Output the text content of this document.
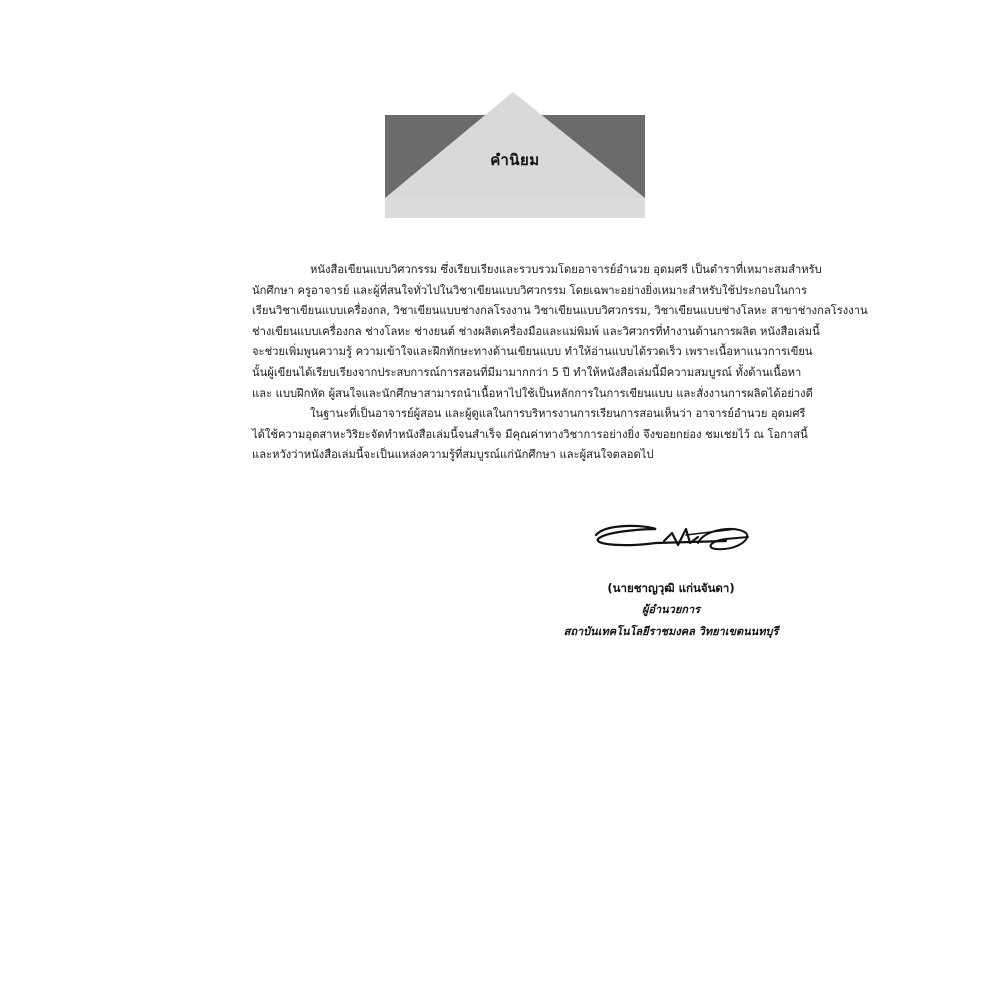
คำนิยม
หนังสือเขียนแบบวิศวกรรม ซึ่งเรียบเรียงและรวบรวมโดยอาจารย์อำนวย อุดมศรี เป็นตำราที่เหมาะสมสำหรับ
นักศึกษา ครูอาจารย์ และผู้ที่สนใจทั่วไปในวิชาเขียนแบบวิศวกรรม โดยเฉพาะอย่างยิ่งเหมาะสำหรับใช้ประกอบในการ
เรียนวิชาเขียนแบบเครื่องกล, วิชาเขียนแบบช่างกลโรงงาน วิชาเขียนแบบวิศวกรรม, วิชาเขียนแบบช่างโลหะ สาขาช่างกลโรงงาน
ช่างเขียนแบบเครื่องกล ช่างโลหะ ช่างยนต์ ช่างผลิตเครื่องมือและแม่พิมพ์ และวิศวกรที่ทำงานด้านการผลิต หนังสือเล่มนี้
จะช่วยเพิ่มพูนความรู้ ความเข้าใจและฝึกทักษะทางด้านเขียนแบบ ทำให้อ่านแบบได้รวดเร็ว เพราะเนื้อหาแนวการเขียน
นั้นผู้เขียนได้เรียบเรียงจากประสบการณ์การสอนที่มีมามากกว่า 5 ปี ทำให้หนังสือเล่มนี้มีความสมบูรณ์ ทั้งด้านเนื้อหา
และ แบบฝึกหัด ผู้สนใจและนักศึกษาสามารถนำเนื้อหาไปใช้เป็นหลักการในการเขียนแบบ และสั่งงานการผลิตได้อย่างดี
ในฐานะที่เป็นอาจารย์ผู้สอน และผู้ดูแลในการบริหารงานการเรียนการสอนเห็นว่า อาจารย์อำนวย อุดมศรี
ได้ใช้ความอุตสาหะวิริยะจัดทำหนังสือเล่มนี้จนสำเร็จ มีคุณค่าทางวิชาการอย่างยิ่ง จึงขอยกย่อง ชมเชยไว้ ณ โอกาสนี้
และหวังว่าหนังสือเล่มนี้จะเป็นแหล่งความรู้ที่สมบูรณ์แก่นักศึกษา และผู้สนใจตลอดไป
(นายชาญวุฒิ แก่นจันดา)
ผู้อำนวยการ
สถาบันเทคโนโลยีราชมงคล วิทยาเขตนนทบุรี
